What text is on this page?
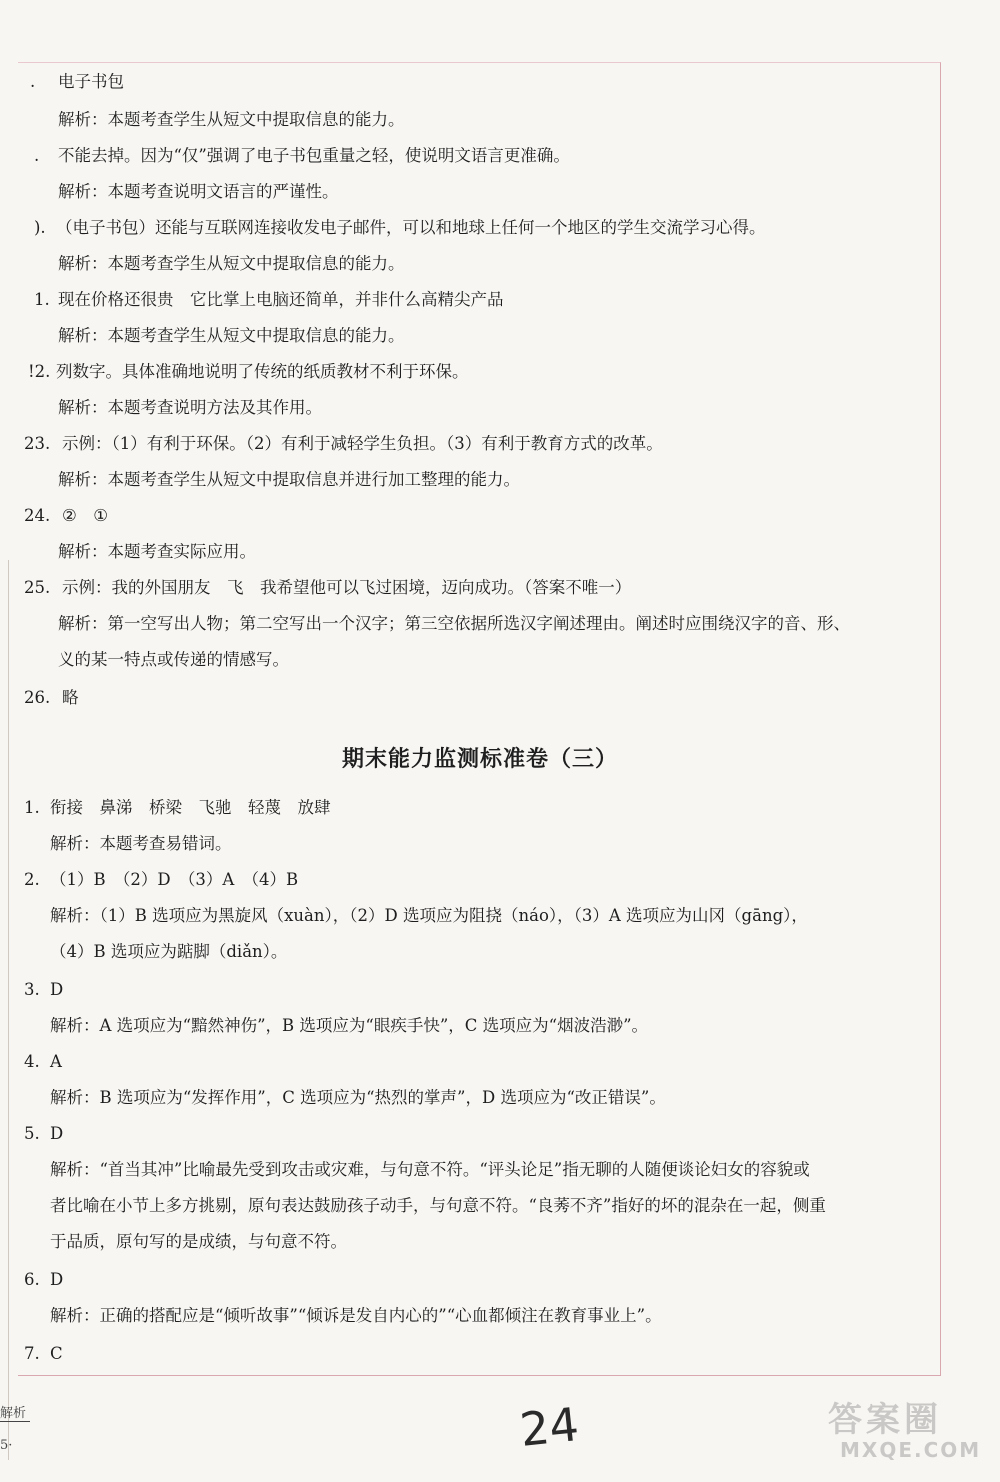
. 电子书包
解析：本题考查学生从短文中提取信息的能力。
. 不能去掉。因为“仅”强调了电子书包重量之轻，使说明文语言更准确。
解析：本题考查说明文语言的严谨性。
). （电子书包）还能与互联网连接收发电子邮件，可以和地球上任何一个地区的学生交流学习心得。
解析：本题考查学生从短文中提取信息的能力。
1. 现在价格还很贵　它比掌上电脑还简单，并非什么高精尖产品
解析：本题考查学生从短文中提取信息的能力。
!2. 列数字。具体准确地说明了传统的纸质教材不利于环保。
解析：本题考查说明方法及其作用。
23. 示例：（1）有利于环保。（2）有利于减轻学生负担。（3）有利于教育方式的改革。
解析：本题考查学生从短文中提取信息并进行加工整理的能力。
24. ②　①
解析：本题考查实际应用。
25. 示例：我的外国朋友　飞　我希望他可以飞过困境，迈向成功。（答案不唯一）
解析：第一空写出人物；第二空写出一个汉字；第三空依据所选汉字阐述理由。阐述时应围绕汉字的音、形、
义的某一特点或传递的情感写。
26. 略
期末能力监测标准卷（三）
1. 衔接　鼻涕　桥梁　飞驰　轻蔑　放肆
解析：本题考查易错词。
2. （1）B　（2）D　（3）A　（4）B
解析：（1）B 选项应为黑旋风（xuàn），（2）D 选项应为阻挠（náo），（3）A 选项应为山冈（gāng），
（4）B 选项应为踮脚（diǎn）。
3. D
解析：A 选项应为“黯然神伤”，B 选项应为“眼疾手快”，C 选项应为“烟波浩渺”。
4. A
解析：B 选项应为“发挥作用”，C 选项应为“热烈的掌声”，D 选项应为“改正错误”。
5. D
解析：“首当其冲”比喻最先受到攻击或灾难，与句意不符。“评头论足”指无聊的人随便谈论妇女的容貌或
者比喻在小节上多方挑剔，原句表达鼓励孩子动手，与句意不符。“良莠不齐”指好的坏的混杂在一起，侧重
于品质，原句写的是成绩，与句意不符。
6. D
解析：正确的搭配应是“倾听故事”“倾诉是发自内心的”“心血都倾注在教育事业上”。
7. C
解析
5·	24	答案圈
MXQE.COM
